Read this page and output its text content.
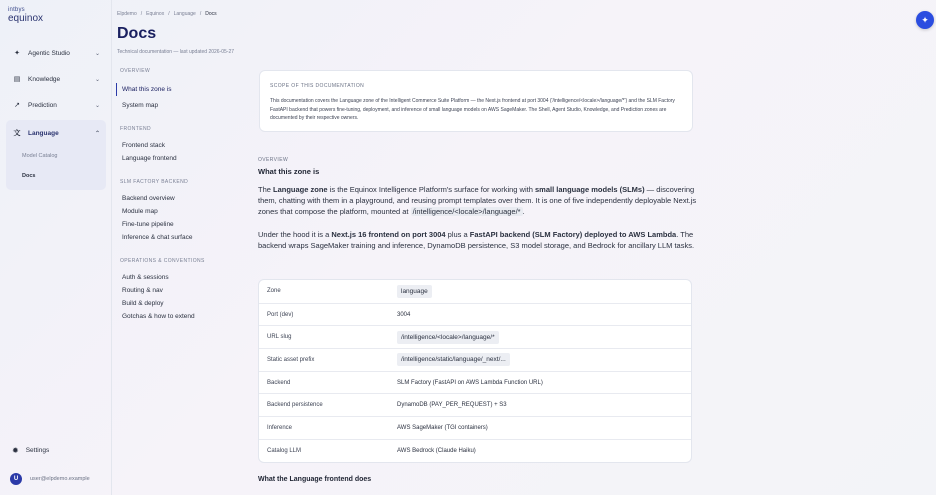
intbys
equinox
✦	Agentic Studio	⌄
▤ Knowledge	⌄
↗	Prediction	⌄
文 Language	⌃
Model Catalog
Docs
✹ Settings
U	user@elpdemo.example
Elpdemo / Equinox / Language / Docs
Docs
Technical documentation — last updated 2026-05-27
OVERVIEW
What this zone is
System map
FRONTEND
Frontend stack
Language frontend
SLM FACTORY BACKEND
Backend overview
Module map
Fine-tune pipeline
Inference & chat surface
OPERATIONS & CONVENTIONS
Auth & sessions
Routing & nav
Build & deploy
Gotchas & how to extend
SCOPE OF THIS DOCUMENTATION
This documentation covers the Language zone of the Intelligent Commerce Suite Platform — the Next.js frontend at port 3004 ('/intelligence/<locale>/language/*') and the SLM Factory FastAPI backend that powers fine-tuning, deployment, and inference of small language models on AWS SageMaker. The Shell, Agent Studio, Knowledge, and Prediction zones are documented by their respective owners.
OVERVIEW
What this zone is

The Language zone is the Equinox Intelligence Platform's surface for working with small language models (SLMs) — discovering them, chatting with them in a playground, and reusing prompt templates over them. It is one of five independently deployable Next.js zones that compose the platform, mounted at /intelligence/<locale>/language/* .

Under the hood it is a Next.js 16 frontend on port 3004 plus a FastAPI backend (SLM Factory) deployed to AWS Lambda. The backend wraps SageMaker training and inference, DynamoDB persistence, S3 model storage, and Bedrock for ancillary LLM tasks.

Zone	language
Port (dev)	3004
URL slug	/intelligence/<locale>/language/*
Static asset prefix	/intelligence/static/language/_next/...
Backend	SLM Factory (FastAPI on AWS Lambda Function URL)
Backend persistence	DynamoDB (PAY_PER_REQUEST) + S3
Inference	AWS SageMaker (TGI containers)
Catalog LLM	AWS Bedrock (Claude Haiku)
What the Language frontend does
✦
